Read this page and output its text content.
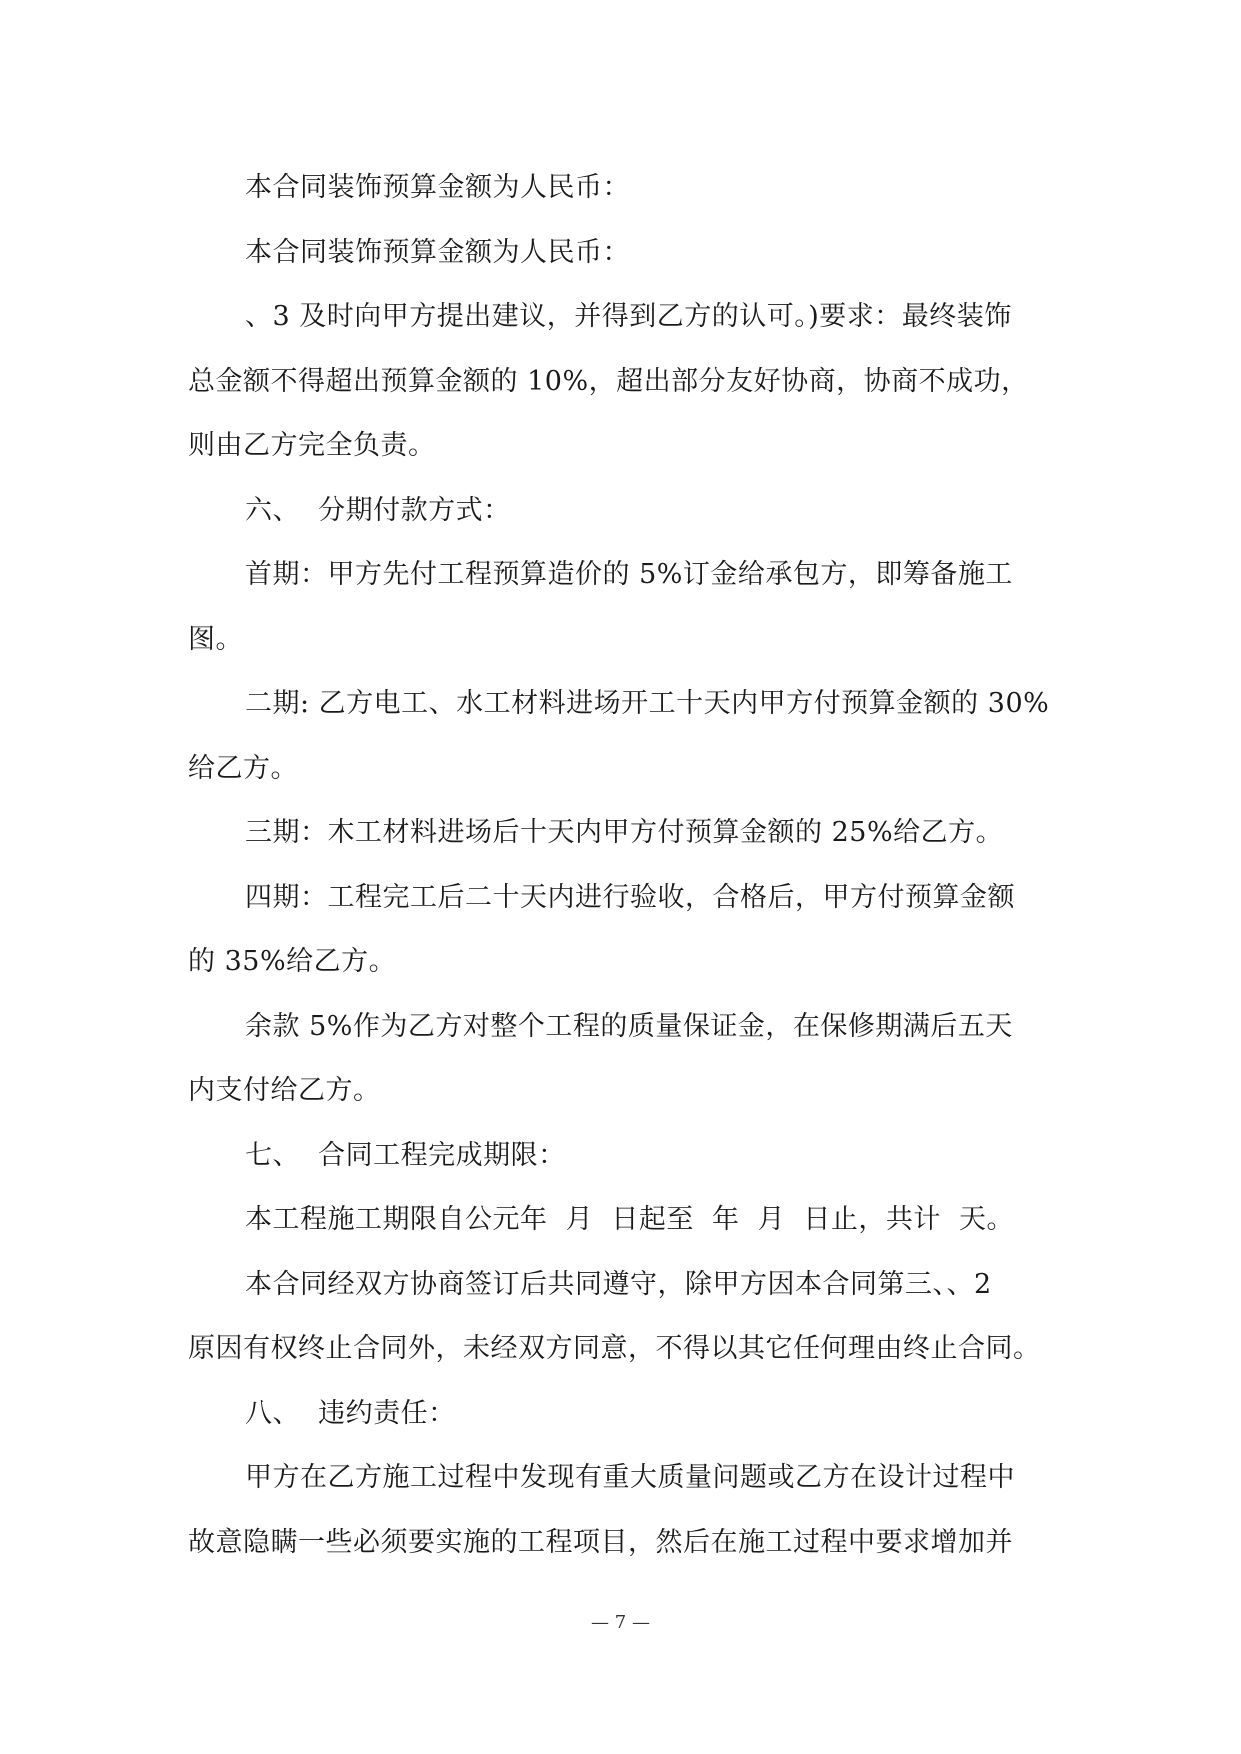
本合同装饰预算金额为人民币：
本合同装饰预算金额为人民币：
、3 及时向甲方提出建议，并得到乙方的认可。)要求：最终装饰
总金额不得超出预算金额的 10%，超出部分友好协商，协商不成功，
则由乙方完全负责。
六、  分期付款方式：
首期：甲方先付工程预算造价的 5%订金给承包方，即筹备施工
图。
二期: 乙方电工、水工材料进场开工十天内甲方付预算金额的 30%
给乙方。
三期：木工材料进场后十天内甲方付预算金额的 25%给乙方。
四期：工程完工后二十天内进行验收，合格后，甲方付预算金额
的 35%给乙方。
余款 5%作为乙方对整个工程的质量保证金，在保修期满后五天
内支付给乙方。
七、  合同工程完成期限：
本工程施工期限自公元年  月  日起至  年  月  日止，共计  天。
本合同经双方协商签订后共同遵守，除甲方因本合同第三、、2
原因有权终止合同外，未经双方同意，不得以其它任何理由终止合同。
八、  违约责任：
甲方在乙方施工过程中发现有重大质量问题或乙方在设计过程中
故意隐瞒一些必须要实施的工程项目，然后在施工过程中要求增加并
— 7 —
